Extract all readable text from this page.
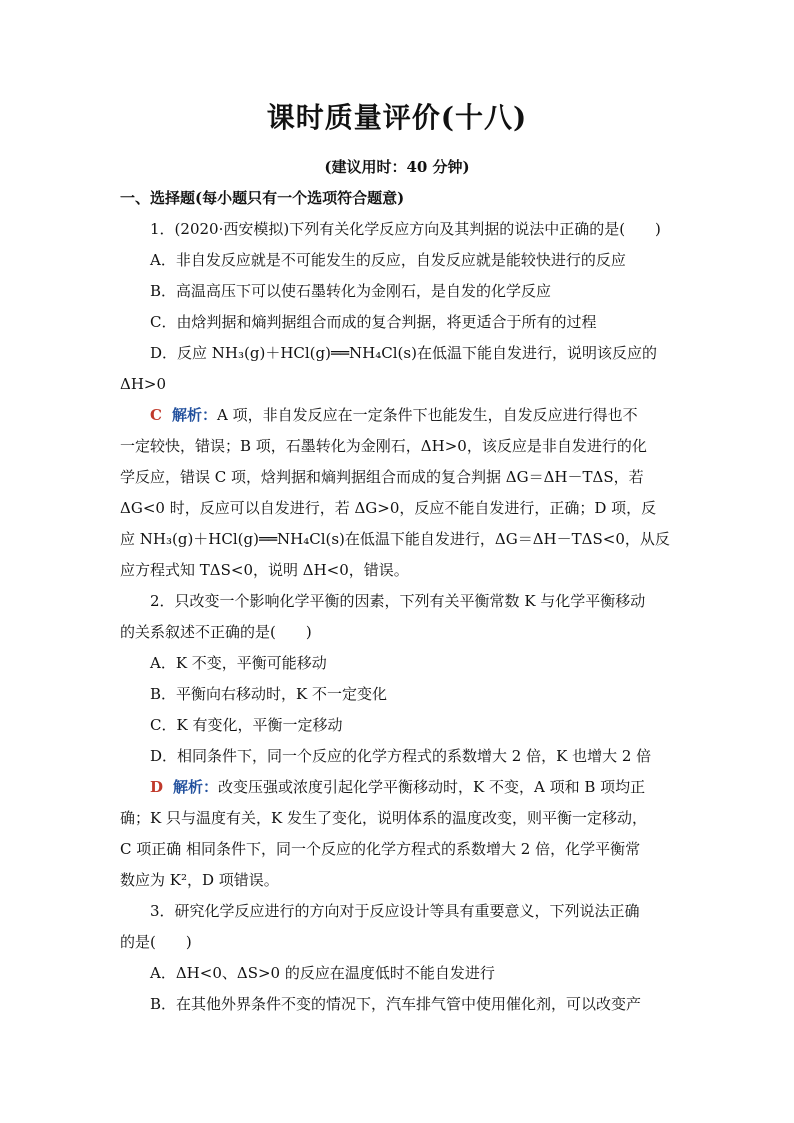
课时质量评价(十八)
(建议用时：40 分钟)
一、选择题(每小题只有一个选项符合题意)
1．(2020·西安模拟)下列有关化学反应方向及其判据的说法中正确的是(　　)
A．非自发反应就是不可能发生的反应，自发反应就是能较快进行的反应
B．高温高压下可以使石墨转化为金刚石，是自发的化学反应
C．由焓判据和熵判据组合而成的复合判据，将更适合于所有的过程
D．反应 NH₃(g)＋HCl(g)══NH₄Cl(s)在低温下能自发进行，说明该反应的
ΔH>0
C 解析：A 项，非自发反应在一定条件下也能发生，自发反应进行得也不
一定较快，错误；B 项，石墨转化为金刚石，ΔH>0，该反应是非自发进行的化
学反应，错误 C 项，焓判据和熵判据组合而成的复合判据 ΔG＝ΔH－TΔS，若
ΔG<0 时，反应可以自发进行，若 ΔG>0，反应不能自发进行，正确；D 项，反
应 NH₃(g)＋HCl(g)══NH₄Cl(s)在低温下能自发进行，ΔG＝ΔH－TΔS<0，从反
应方程式知 TΔS<0，说明 ΔH<0，错误。
2．只改变一个影响化学平衡的因素，下列有关平衡常数 K 与化学平衡移动
的关系叙述不正确的是(　　)
A．K 不变，平衡可能移动
B．平衡向右移动时，K 不一定变化
C．K 有变化，平衡一定移动
D．相同条件下，同一个反应的化学方程式的系数增大 2 倍，K 也增大 2 倍
D 解析：改变压强或浓度引起化学平衡移动时，K 不变，A 项和 B 项均正
确；K 只与温度有关，K 发生了变化，说明体系的温度改变，则平衡一定移动，
C 项正确 相同条件下，同一个反应的化学方程式的系数增大 2 倍，化学平衡常
数应为 K²，D 项错误。
3．研究化学反应进行的方向对于反应设计等具有重要意义，下列说法正确
的是(　　)
A．ΔH<0、ΔS>0 的反应在温度低时不能自发进行
B．在其他外界条件不变的情况下，汽车排气管中使用催化剂，可以改变产
